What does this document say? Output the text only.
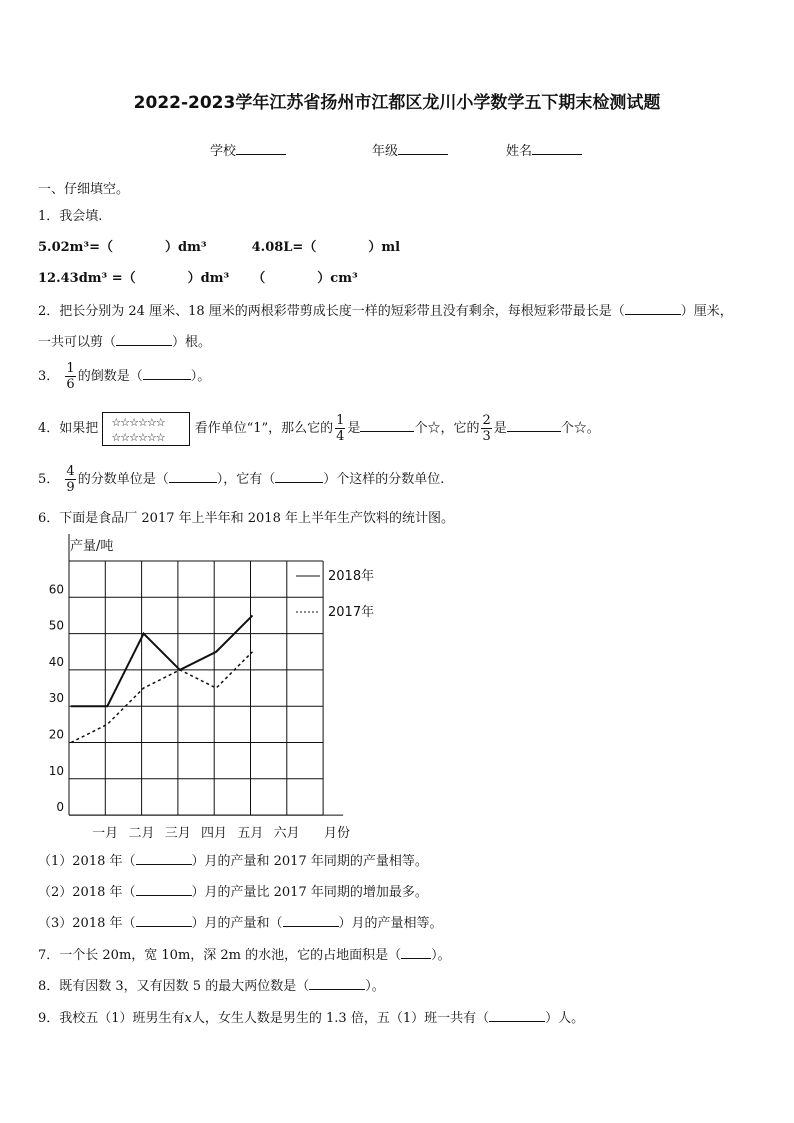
2022-2023学年江苏省扬州市江都区龙川小学数学五下期末检测试题
学校	年级	姓名
一、仔细填空。
1．我会填.
5.02m³=（	）dm³	4.08L=（	）ml
12.43dm³ =（	）dm³ （	）cm³
2．把长分别为 24 厘米、18 厘米的两根彩带剪成长度一样的短彩带且没有剩余，每根短彩带最长是（	）厘米，
一共可以剪（	）根。
3． $\frac{1}{6}$ 的倒数是（	）。
4．如果把 ☆☆☆☆☆☆
☆☆☆☆☆☆ 看作单位“1”，那么它的 $\frac{1}{4}$ 是	个☆，它的 $\frac{2}{3}$ 是	个☆。
5． $\frac{4}{9}$ 的分数单位是（	），它有（	）个这样的分数单位.
6．下面是食品厂 2017 年上半年和 2018 年上半年生产饮料的统计图。
产量/吨
月份
0
10
20
30
40
50
60
一月 二月 三月 四月 五月 六月
2018年
2017年
（1）2018 年（	）月的产量和 2017 年同期的产量相等。
（2）2018 年（	）月的产量比 2017 年同期的增加最多。
（3）2018 年（	）月的产量和（	）月的产量相等。
7．一个长 20m，宽 10m，深 2m 的水池，它的占地面积是（ ）。
8．既有因数 3，又有因数 5 的最大两位数是（	）。
9．我校五（1）班男生有x人，女生人数是男生的 1.3 倍，五（1）班一共有（	）人。
